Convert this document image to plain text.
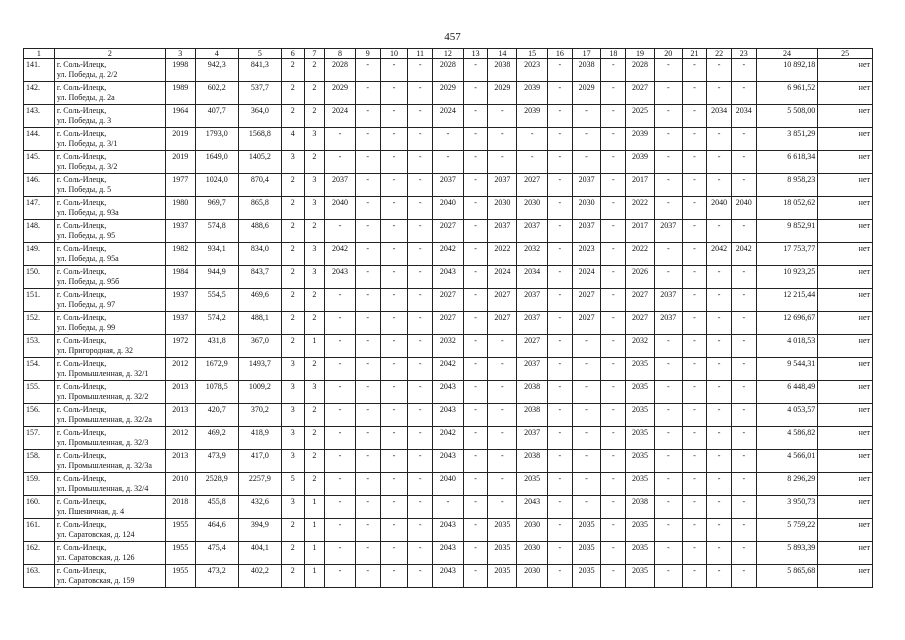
457
1	2	3	4	5	6	7	8	9	10	11	12	13	14	15	16	17	18	19	20	21	22	23	24	25
141.	г. Соль-Илецк,
ул. Победы, д. 2/2	1998	942,3	841,3	2	2	2028	-	-	-	2028	-	2038	2023	-	2038	-	2028	-	-	-	-	10 892,18	нет
142.	г. Соль-Илецк,
ул. Победы, д. 2а	1989	602,2	537,7	2	2	2029	-	-	-	2029	-	2029	2039	-	2029	-	2027	-	-	-	-	6 961,52	нет
143.	г. Соль-Илецк,
ул. Победы, д. 3	1964	407,7	364,0	2	2	2024	-	-	-	2024	-	-	2039	-	-	-	2025	-	-	2034	2034	5 508,00	нет
144.	г. Соль-Илецк,
ул. Победы, д. 3/1	2019	1793,0	1568,8	4	3	-	-	-	-	-	-	-	-	-	-	-	2039	-	-	-	-	3 851,29	нет
145.	г. Соль-Илецк,
ул. Победы, д. 3/2	2019	1649,0	1405,2	3	2	-	-	-	-	-	-	-	-	-	-	-	2039	-	-	-	-	6 618,34	нет
146.	г. Соль-Илецк,
ул. Победы, д. 5	1977	1024,0	870,4	2	3	2037	-	-	-	2037	-	2037	2027	-	2037	-	2017	-	-	-	-	8 958,23	нет
147.	г. Соль-Илецк,
ул. Победы, д. 93а	1980	969,7	865,8	2	3	2040	-	-	-	2040	-	2030	2030	-	2030	-	2022	-	-	2040	2040	18 052,62	нет
148.	г. Соль-Илецк,
ул. Победы, д. 95	1937	574,8	488,6	2	2	-	-	-	-	2027	-	2037	2037	-	2037	-	2017	2037	-	-	-	9 852,91	нет
149.	г. Соль-Илецк,
ул. Победы, д. 95а	1982	934,1	834,0	2	3	2042	-	-	-	2042	-	2022	2032	-	2023	-	2022	-	-	2042	2042	17 753,77	нет
150.	г. Соль-Илецк,
ул. Победы, д. 95б	1984	944,9	843,7	2	3	2043	-	-	-	2043	-	2024	2034	-	2024	-	2026	-	-	-	-	10 923,25	нет
151.	г. Соль-Илецк,
ул. Победы, д. 97	1937	554,5	469,6	2	2	-	-	-	-	2027	-	2027	2037	-	2027	-	2027	2037	-	-	-	12 215,44	нет
152.	г. Соль-Илецк,
ул. Победы, д. 99	1937	574,2	488,1	2	2	-	-	-	-	2027	-	2027	2037	-	2027	-	2027	2037	-	-	-	12 696,67	нет
153.	г. Соль-Илецк,
ул. Пригородная, д. 32	1972	431,8	367,0	2	1	-	-	-	-	2032	-	-	2027	-	-	-	2032	-	-	-	-	4 018,53	нет
154.	г. Соль-Илецк,
ул. Промышленная, д. 32/1	2012	1672,9	1493,7	3	2	-	-	-	-	2042	-	-	2037	-	-	-	2035	-	-	-	-	9 544,31	нет
155.	г. Соль-Илецк,
ул. Промышленная, д. 32/2	2013	1078,5	1009,2	3	3	-	-	-	-	2043	-	-	2038	-	-	-	2035	-	-	-	-	6 448,49	нет
156.	г. Соль-Илецк,
ул. Промышленная, д. 32/2а	2013	420,7	370,2	3	2	-	-	-	-	2043	-	-	2038	-	-	-	2035	-	-	-	-	4 053,57	нет
157.	г. Соль-Илецк,
ул. Промышленная, д. 32/3	2012	469,2	418,9	3	2	-	-	-	-	2042	-	-	2037	-	-	-	2035	-	-	-	-	4 586,82	нет
158.	г. Соль-Илецк,
ул. Промышленная, д. 32/3а	2013	473,9	417,0	3	2	-	-	-	-	2043	-	-	2038	-	-	-	2035	-	-	-	-	4 566,01	нет
159.	г. Соль-Илецк,
ул. Промышленная, д. 32/4	2010	2528,9	2257,9	5	2	-	-	-	-	2040	-	-	2035	-	-	-	2035	-	-	-	-	8 296,29	нет
160.	г. Соль-Илецк,
ул. Пшеничная, д. 4	2018	455,8	432,6	3	1	-	-	-	-	-	-	-	2043	-	-	-	2038	-	-	-	-	3 950,73	нет
161.	г. Соль-Илецк,
ул. Саратовская, д. 124	1955	464,6	394,9	2	1	-	-	-	-	2043	-	2035	2030	-	2035	-	2035	-	-	-	-	5 759,22	нет
162.	г. Соль-Илецк,
ул. Саратовская, д. 126	1955	475,4	404,1	2	1	-	-	-	-	2043	-	2035	2030	-	2035	-	2035	-	-	-	-	5 893,39	нет
163.	г. Соль-Илецк,
ул. Саратовская, д. 159	1955	473,2	402,2	2	1	-	-	-	-	2043	-	2035	2030	-	2035	-	2035	-	-	-	-	5 865,68	нет
